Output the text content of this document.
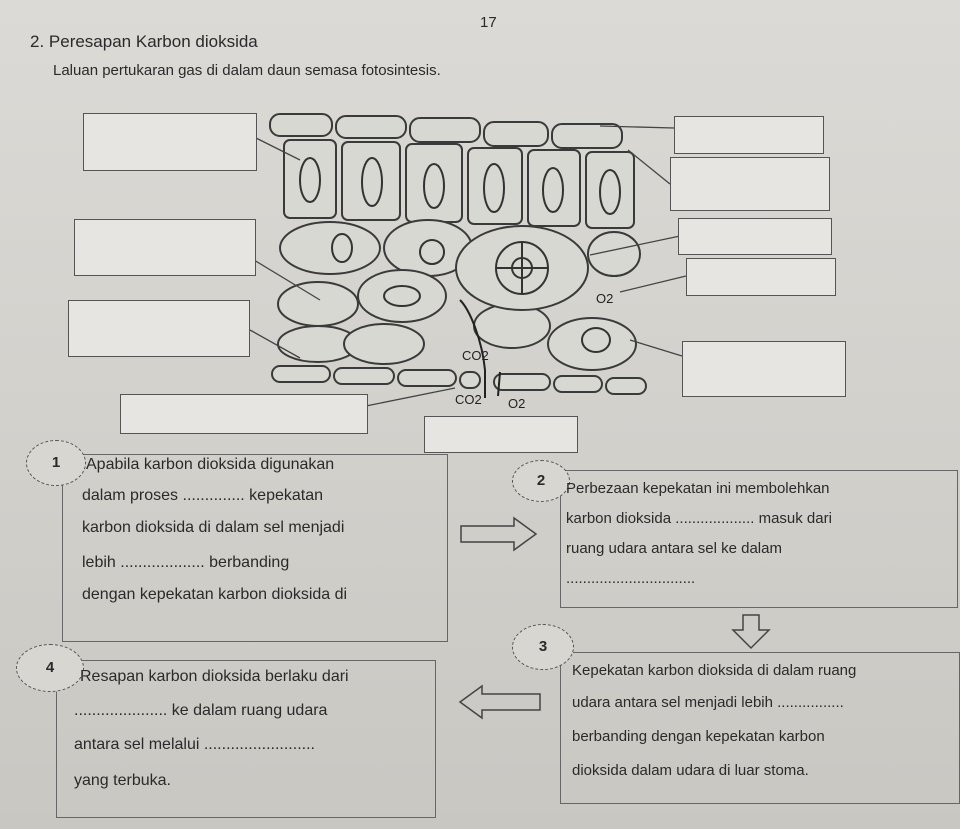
17
2. Peresapan Karbon dioksida
Laluan pertukaran gas di dalam daun semasa fotosintesis.
CO2
CO2 O2
O2
1	Apabila karbon dioksida digunakan
dalam proses .............. kepekatan
karbon dioksida di dalam sel menjadi
lebih ................... berbanding
dengan kepekatan karbon dioksida di
2	Perbezaan kepekatan ini membolehkan
karbon dioksida ................... masuk dari
ruang udara antara sel ke dalam
...............................
3
Kepekatan karbon dioksida di dalam ruang
udara antara sel menjadi lebih ................
berbanding dengan kepekatan karbon
dioksida dalam udara di luar stoma.
4
Resapan karbon dioksida berlaku dari
..................... ke dalam ruang udara
antara sel melalui .........................
yang terbuka.
